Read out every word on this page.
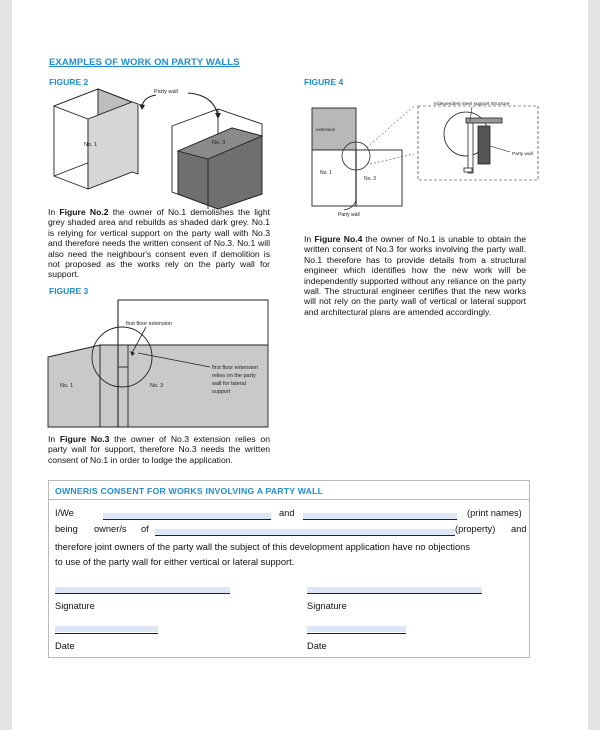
EXAMPLES OF WORK ON PARTY WALLS
FIGURE 2
No. 1	No. 3
Party wall

In Figure No.2 the owner of No.1 demolishes the light grey shaded area and rebuilds as shaded dark grey. No.1 is relying for vertical support on the party wall with No.3 and therefore needs the written consent of No.3. No.1 will also need the neighbour's consent even if demolition is not proposed as the works rely on the party wall for support.

FIGURE 3
No. 1	No. 3
first floor extension
first floor extension
relies on the party
wall for lateral
support

In Figure No.3 the owner of No.3 extension relies on party wall for support, therefore No.3 needs the written consent of No.1 in order to lodge the application.

FIGURE 4
extension
No. 1
No. 3
Party wall
Independent steel support structure
Party wall

In Figure No.4 the owner of No.1 is unable to obtain the written consent of No.3 for works involving the party wall. No.1 therefore has to provide details from a structural engineer which identifies how the new work will be independently supported without any reliance on the party wall. The structural engineer certifies that the new works will not rely on the party wall of vertical or lateral support and architectural plans are amended accordingly.

OWNER/S CONSENT FOR WORKS INVOLVING A PARTY WALL
I/We	and	(print names)
being owner/s of	(property) and
therefore joint owners of the party wall the subject of this development application have no objections
to use of the party wall for either vertical or lateral support.
Signature	Signature
Date	Date
